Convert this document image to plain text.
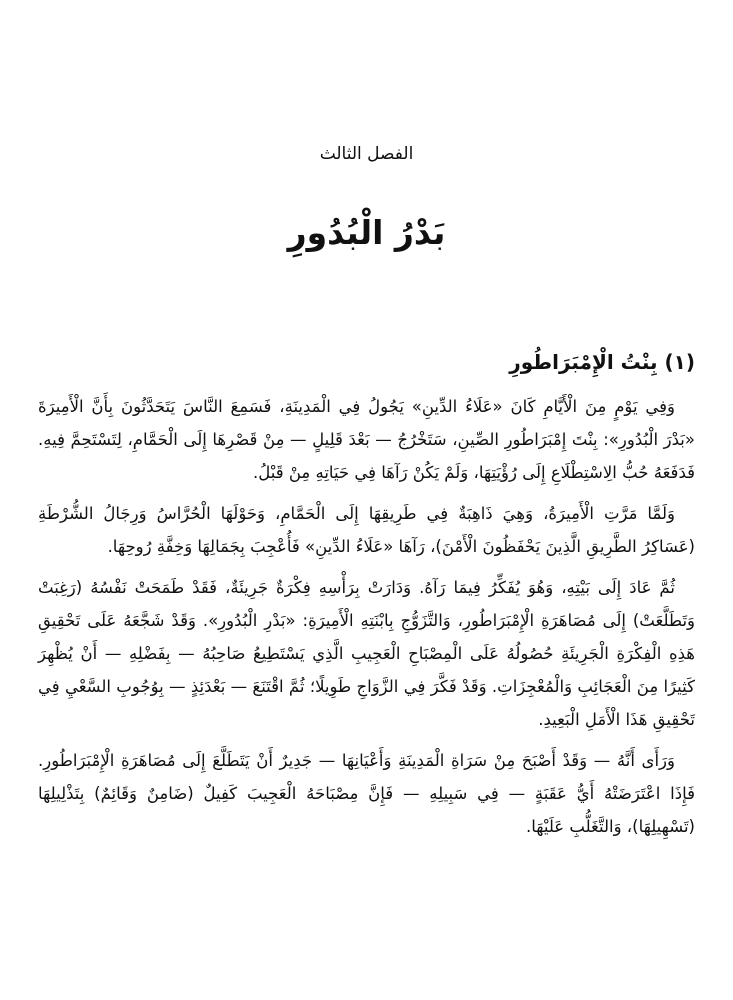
الفصل الثالث
بَدْرُ الْبُدُورِ
(١) بِنْتُ الْإِمْبَرَاطُورِ

وَفِي يَوْمٍ مِنَ الْأَيَّامِ كَانَ «عَلَاءُ الدِّينِ» يَجُولُ فِي الْمَدِينَةِ، فَسَمِعَ النَّاسَ يَتَحَدَّثُونَ بِأَنَّ الْأَمِيرَةَ «بَدْرَ الْبُدُورِ»: بِنْتَ إِمْبَرَاطُورِ الصِّينِ، سَتَخْرُجُ — بَعْدَ قَلِيلٍ — مِنْ قَصْرِهَا إِلَى الْحَمَّامِ، لِتَسْتَحِمَّ فِيهِ. فَدَفَعَهُ حُبُّ الِاسْتِطْلَاعِ إِلَى رُؤْيَتِهَا، وَلَمْ يَكُنْ رَآهَا فِي حَيَاتِهِ مِنْ قَبْلُ.

وَلَمَّا مَرَّتِ الْأَمِيرَةُ، وَهِيَ ذَاهِبَةٌ فِي طَرِيقِهَا إِلَى الْحَمَّامِ، وَحَوْلَهَا الْحُرَّاسُ وَرِجَالُ الشُّرْطَةِ (عَسَاكِرُ الطَّرِيقِ الَّذِينَ يَحْفَظُونَ الْأَمْنَ)، رَآهَا «عَلَاءُ الدِّينِ» فَأُعْجِبَ بِجَمَالِهَا وَخِفَّةِ رُوحِهَا.

ثُمَّ عَادَ إِلَى بَيْتِهِ، وَهُوَ يُفَكِّرُ فِيمَا رَآهُ. وَدَارَتْ بِرَأْسِهِ فِكْرَةٌ جَرِيئَةٌ، فَقَدْ طَمَحَتْ نَفْسُهُ (رَغِبَتْ وَتَطَلَّعَتْ) إِلَى مُصَاهَرَةِ الْإِمْبَرَاطُورِ، وَالتَّزَوُّجِ بِابْنَتِهِ الْأَمِيرَةِ: «بَدْرِ الْبُدُورِ». وَقَدْ شَجَّعَهُ عَلَى تَحْقِيقِ هَذِهِ الْفِكْرَةِ الْجَرِيئَةِ حُصُولُهُ عَلَى الْمِصْبَاحِ الْعَجِيبِ الَّذِي يَسْتَطِيعُ صَاحِبُهُ — بِفَضْلِهِ — أَنْ يُظْهِرَ كَثِيرًا مِنَ الْعَجَائِبِ وَالْمُعْجِزَاتِ. وَقَدْ فَكَّرَ فِي الزَّوَاجِ طَوِيلًا؛ ثُمَّ اقْتَنَعَ — بَعْدَئِذٍ — بِوُجُوبِ السَّعْيِ فِي تَحْقِيقِ هَذَا الْأَمَلِ الْبَعِيدِ.

وَرَأَى أَنَّهُ — وَقَدْ أَصْبَحَ مِنْ سَرَاةِ الْمَدِينَةِ وَأَعْيَانِهَا — جَدِيرٌ أَنْ يَتَطَلَّعَ إِلَى مُصَاهَرَةِ الْإِمْبَرَاطُورِ. فَإِذَا اعْتَرَضَتْهُ أَيُّ عَقَبَةٍ — فِي سَبِيلِهِ — فَإِنَّ مِصْبَاحَهُ الْعَجِيبَ كَفِيلٌ (ضَامِنٌ وَقَائِمٌ) بِتَذْلِيلِهَا (تَسْهِيلِهَا)، وَالتَّغَلُّبِ عَلَيْهَا.
